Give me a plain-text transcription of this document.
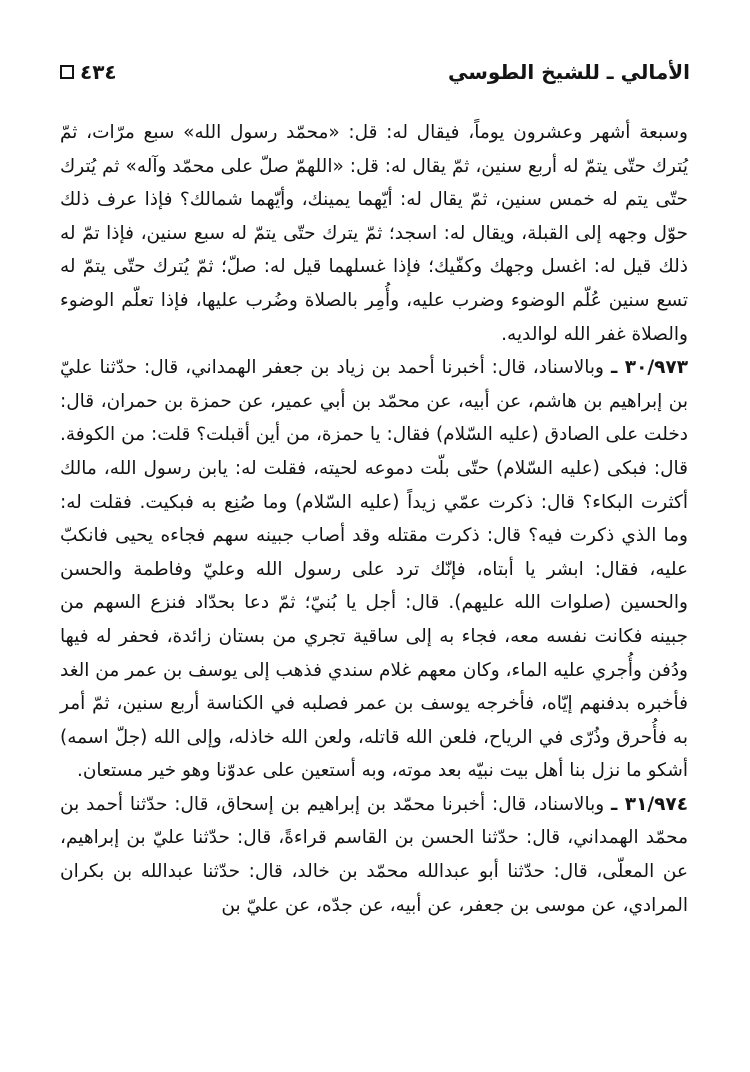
الأمالي ـ للشيخ الطوسي
٤٣٤

وسبعة أشهر وعشرون يوماً، فيقال له: قل: «محمّد رسول الله» سبع مرّات، ثمّ يُترك حتّى يتمّ له أربع سنين، ثمّ يقال له: قل: «اللهمّ صلّ على محمّد وآله» ثم يُترك حتّى يتم له خمس سنين، ثمّ يقال له: أيّهما يمينك، وأيّهما شمالك؟ فإذا عرف ذلك حوّل وجهه إلى القبلة، ويقال له: اسجد؛ ثمّ يترك حتّى يتمّ له سبع سنين، فإذا تمّ له ذلك قيل له: اغسل وجهك وكفّيك؛ فإذا غسلهما قيل له: صلّ؛ ثمّ يُترك حتّى يتمّ له تسع سنين عُلّم الوضوء وضرب عليه، وأُمِر بالصلاة وضُرب عليها، فإذا تعلّم الوضوء والصلاة غفر الله لوالديه.

٣٠/٩٧٣ ـ وبالاسناد، قال: أخبرنا أحمد بن زياد بن جعفر الهمداني، قال: حدّثنا عليّ بن إبراهيم بن هاشم، عن أبيه، عن محمّد بن أبي عمير، عن حمزة بن حمران، قال: دخلت على الصادق (عليه السّلام) فقال: يا حمزة، من أين أقبلت؟ قلت: من الكوفة. قال: فبكى (عليه السّلام) حتّى بلّت دموعه لحيته، فقلت له: يابن رسول الله، مالك أكثرت البكاء؟ قال: ذكرت عمّي زيداً (عليه السّلام) وما صُنِع به فبكيت. فقلت له: وما الذي ذكرت فيه؟ قال: ذكرت مقتله وقد أصاب جبينه سهم فجاءه يحيى فانكبّ عليه، فقال: ابشر يا أبتاه، فإنّك ترد على رسول الله وعليّ وفاطمة والحسن والحسين (صلوات الله عليهم). قال: أجل يا بُنيّ؛ ثمّ دعا بحدّاد فنزع السهم من جبينه فكانت نفسه معه، فجاء به إلى ساقية تجري من بستان زائدة، فحفر له فيها ودُفن وأُجري عليه الماء، وكان معهم غلام سندي فذهب إلى يوسف بن عمر من الغد فأخبره بدفنهم إيّاه، فأخرجه يوسف بن عمر فصلبه في الكناسة أربع سنين، ثمّ أمر به فأُحرق وذُرّى في الرياح، فلعن الله قاتله، ولعن الله خاذله، وإلى الله (جلّ اسمه) أشكو ما نزل بنا أهل بيت نبيّه بعد موته، وبه أستعين على عدوّنا وهو خير مستعان.

٣١/٩٧٤ ـ وبالاسناد، قال: أخبرنا محمّد بن إبراهيم بن إسحاق، قال: حدّثنا أحمد بن محمّد الهمداني، قال: حدّثنا الحسن بن القاسم قراءةً، قال: حدّثنا عليّ بن إبراهيم، عن المعلّى، قال: حدّثنا أبو عبدالله محمّد بن خالد، قال: حدّثنا عبدالله بن بكران المرادي، عن موسى بن جعفر، عن أبيه، عن جدّه، عن عليّ بن
